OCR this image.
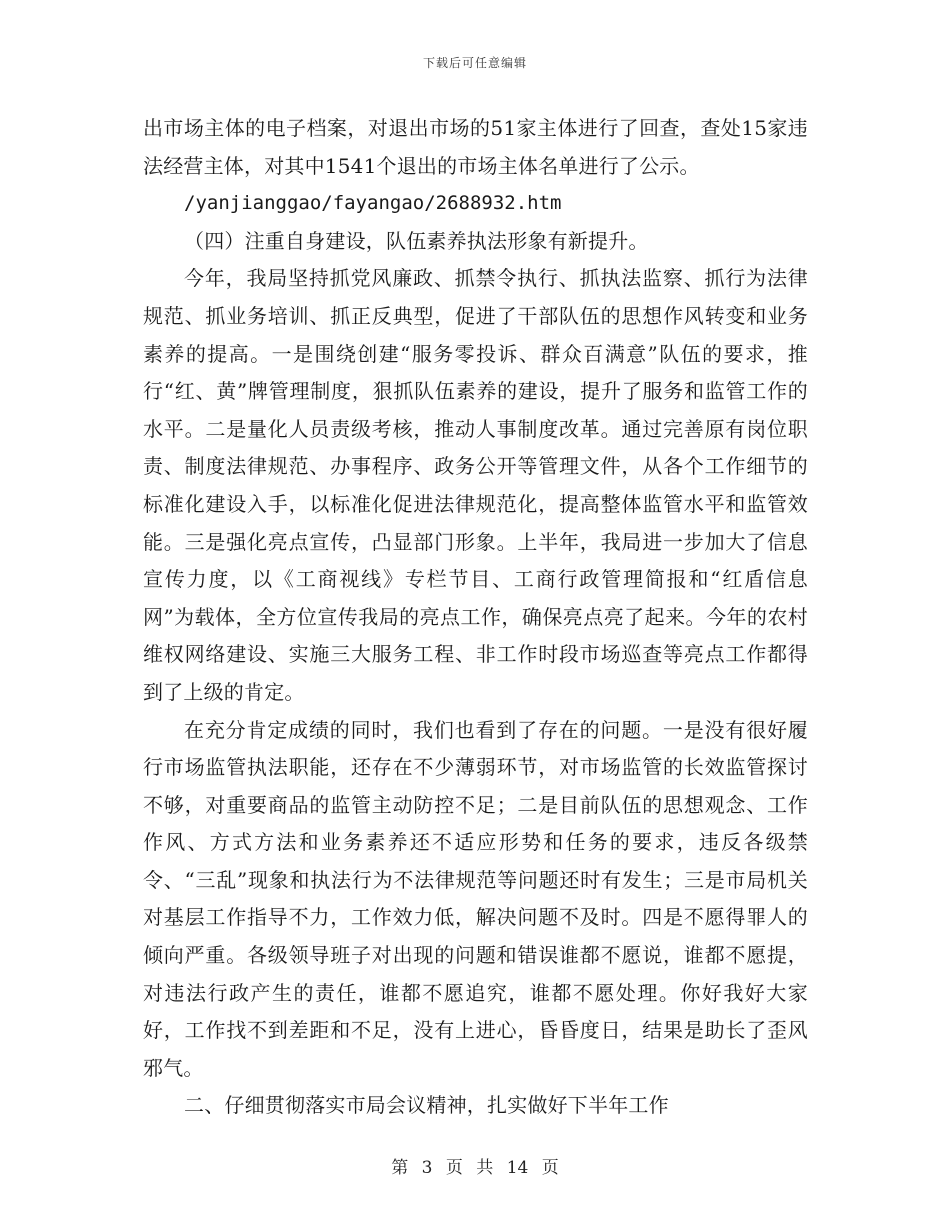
下载后可任意编辑

出市场主体的电子档案，对退出市场的51家主体进行了回查，查处15家违法经营主体，对其中1541个退出的市场主体名单进行了公示。

/yanjianggao/fayangao/2688932.htm

（四）注重自身建设，队伍素养执法形象有新提升。

今年，我局坚持抓党风廉政、抓禁令执行、抓执法监察、抓行为法律规范、抓业务培训、抓正反典型，促进了干部队伍的思想作风转变和业务素养的提高。一是围绕创建“服务零投诉、群众百满意”队伍的要求，推行“红、黄”牌管理制度，狠抓队伍素养的建设，提升了服务和监管工作的水平。二是量化人员责级考核，推动人事制度改革。通过完善原有岗位职责、制度法律规范、办事程序、政务公开等管理文件，从各个工作细节的标准化建设入手，以标准化促进法律规范化，提高整体监管水平和监管效能。三是强化亮点宣传，凸显部门形象。上半年，我局进一步加大了信息宣传力度，以《工商视线》专栏节目、工商行政管理简报和“红盾信息网”为载体，全方位宣传我局的亮点工作，确保亮点亮了起来。今年的农村维权网络建设、实施三大服务工程、非工作时段市场巡查等亮点工作都得到了上级的肯定。

在充分肯定成绩的同时，我们也看到了存在的问题。一是没有很好履行市场监管执法职能，还存在不少薄弱环节，对市场监管的长效监管探讨不够，对重要商品的监管主动防控不足；二是目前队伍的思想观念、工作作风、方式方法和业务素养还不适应形势和任务的要求，违反各级禁令、“三乱”现象和执法行为不法律规范等问题还时有发生；三是市局机关对基层工作指导不力，工作效力低，解决问题不及时。四是不愿得罪人的倾向严重。各级领导班子对出现的问题和错误谁都不愿说，谁都不愿提，对违法行政产生的责任，谁都不愿追究，谁都不愿处理。你好我好大家好，工作找不到差距和不足，没有上进心，昏昏度日，结果是助长了歪风邪气。

二、仔细贯彻落实市局会议精神，扎实做好下半年工作

第 3 页 共 14 页
